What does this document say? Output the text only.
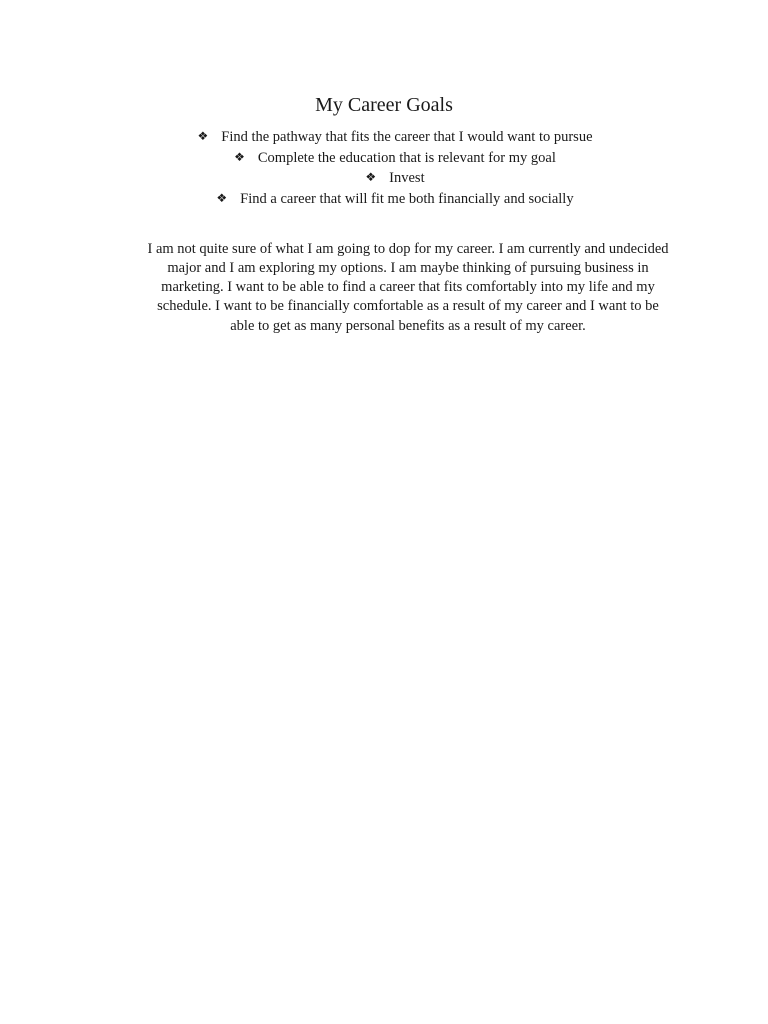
My Career Goals
❖ Find the pathway that fits the career that I would want to pursue
❖ Complete the education that is relevant for my goal
❖ Invest
❖ Find a career that will fit me both financially and socially

I am not quite sure of what I am going to dop for my career. I am currently and undecided
major and I am exploring my options. I am maybe thinking of pursuing business in
marketing. I want to be able to find a career that fits comfortably into my life and my
schedule. I want to be financially comfortable as a result of my career and I want to be
able to get as many personal benefits as a result of my career.
